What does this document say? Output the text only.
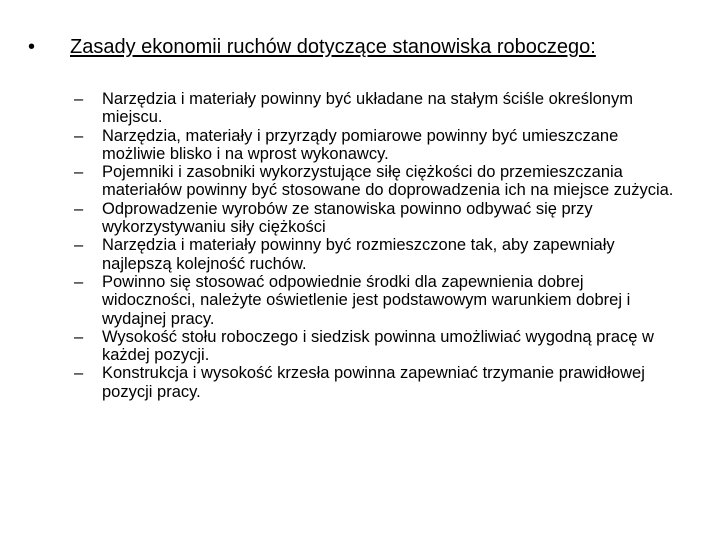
•	Zasady ekonomii ruchów dotyczące stanowiska roboczego:
–	Narzędzia i materiały powinny być układane na stałym ściśle określonym miejscu.
–	Narzędzia, materiały i przyrządy pomiarowe powinny być umieszczane możliwie blisko i na wprost wykonawcy.
–	Pojemniki i zasobniki wykorzystujące siłę ciężkości do przemieszczania materiałów powinny być stosowane do doprowadzenia ich na miejsce zużycia.
–	Odprowadzenie wyrobów ze stanowiska powinno odbywać się przy wykorzystywaniu siły ciężkości
–	Narzędzia i materiały powinny być rozmieszczone tak, aby zapewniały najlepszą kolejność ruchów.
–	Powinno się stosować odpowiednie środki dla zapewnienia dobrej widoczności, należyte oświetlenie jest podstawowym warunkiem dobrej i wydajnej pracy.
–	Wysokość stołu roboczego i siedzisk powinna umożliwiać wygodną pracę w każdej pozycji.
–	Konstrukcja i wysokość krzesła powinna zapewniać trzymanie prawidłowej pozycji pracy.
